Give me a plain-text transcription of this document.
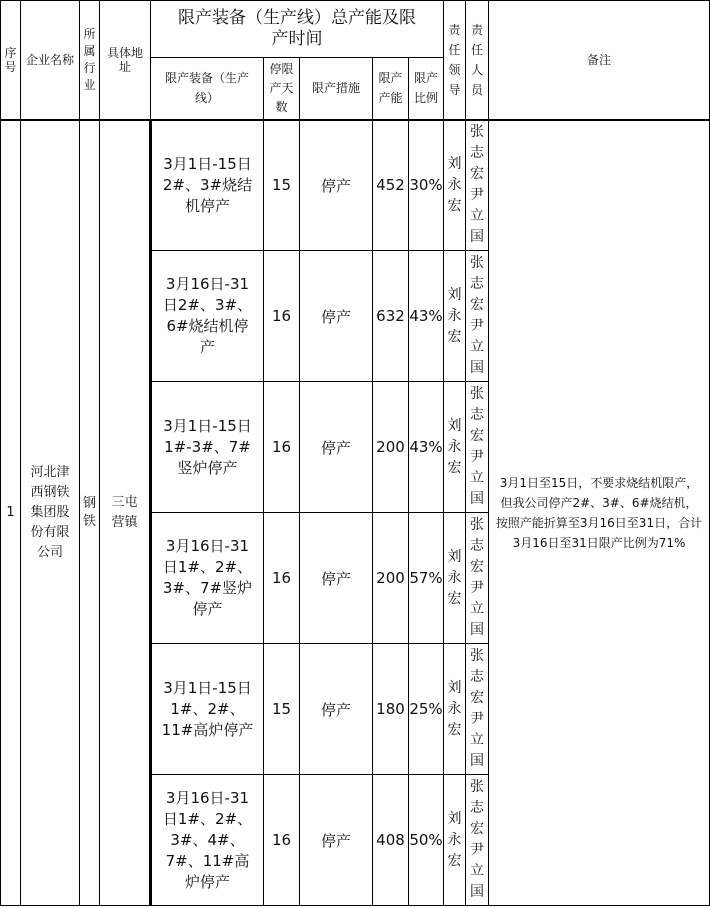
序号	企业名称	所属行业	具体地址	限产装备（生产线）总产能及限产时间					责任领导	责任人员	备注
				限产装备（生产线）	停限产天数	限产措施	限产产能	限产比例			
1	河北津西钢铁集团股份有限公司	钢铁	三屯营镇	3月1日-15日2#、3#烧结机停产	15	停产	452	30%	刘永宏	张志宏尹立国	3月1日至15日，不要求烧结机限产，但我公司停产2#、3#、6#烧结机，按照产能折算至3月16日至31日，合计3月16日至31日限产比例为71%
				3月16日-31日2#、3#、6#烧结机停产	16	停产	632	43%	刘永宏	张志宏尹立国	

				3月1日-15日1#-3#、7#竖炉停产	16	停产	200	43%	刘永宏	张志宏尹立国	

				3月16日-31日1#、2#、3#、7#竖炉停产	16	停产	200	57%	刘永宏	张志宏尹立国	

				3月1日-15日1#、2#、11#高炉停产	15	停产	180	25%	刘永宏	张志宏尹立国	

				3月16日-31日1#、2#、3#、4#、7#、11#高炉停产	16	停产	408	50%	刘永宏	张志宏尹立国	
